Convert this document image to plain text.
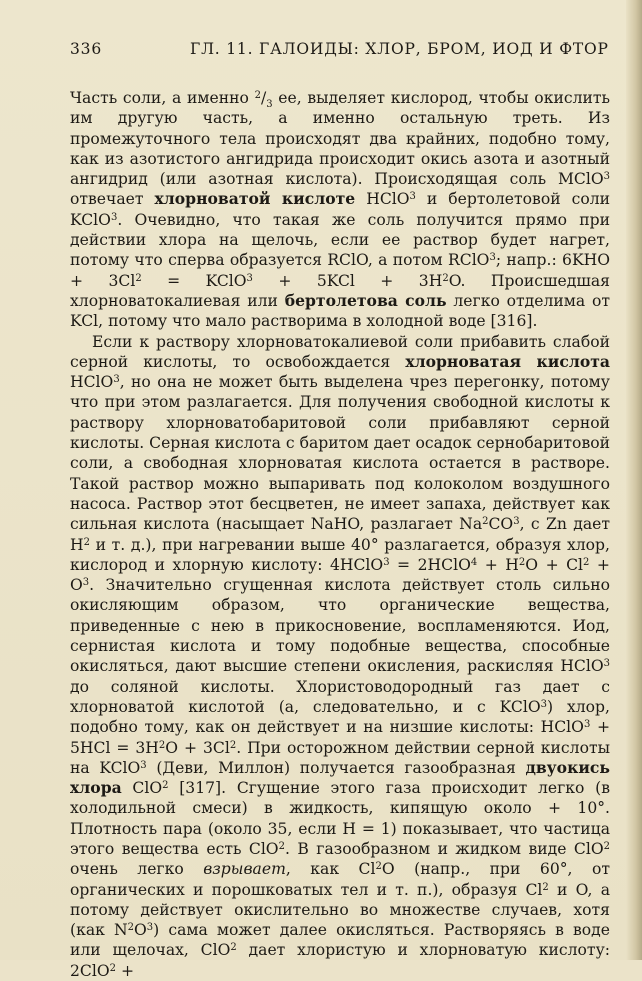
336	ГЛ. 11. ГАЛОИДЫ: ХЛОР, БРОМ, ИОД И ФТОР

Часть соли, а именно $^2/_3$ ее, выделяет кислород, чтобы окислить им другую часть, а именно остальную треть. Из промежуточного тела происходят два крайних, подобно тому, как из азотистого ангидрида происходит окись азота и азотный ангидрид (или азотная кислота). Происходящая соль MClO$^3$ отвечает хлорноватой кислоте HClO$^3$ и бертолетовой соли KClO$^3$. Очевидно, что такая же соль получится прямо при действии хлора на щелочь, если ее раствор будет нагрет, потому что сперва образуется RClO, а потом RClO$^3$; напр.: $6KHO + 3Cl^2$ = KClO$^3$ + $5KCl + 3H^2O$. Происшедшая хлорноватокалиевая или бертолетова соль легко отделима от KCl, потому что мало растворима в холодной воде [316].

Если к раствору хлорноватокалиевой соли прибавить слабой серной кислоты, то освобождается хлорноватая кислота HClO$^3$, но она не может быть выделена чрез перегонку, потому что при этом разлагается. Для получения свободной кислоты к раствору хлорноватобаритовой соли прибавляют серной кислоты. Серная кислота с баритом дает осадок сернобаритовой соли, а свободная хлорноватая кислота остается в растворе. Такой раствор можно выпаривать под колоколом воздушного насоса. Раствор этот бесцветен, не имеет запаха, действует как сильная кислота (насыщает NaHO, разлагает $Na^2CO^3$, с Zn дает $H^2$ и т. д.), при нагревании выше 40° разлагается, образуя хлор, кислород и хлорную кислоту: 4HClO$^3$ = 2HClO$^4$ + $H^2O + Cl^2 + O^3$. Значительно сгущенная кислота действует столь сильно окисляющим образом, что органические вещества, приведенные с нею в прикосновение, воспламеняются. Иод, сернистая кислота и тому подобные вещества, способные окисляться, дают высшие степени окисления, раскисляя HClO$^3$ до соляной кислоты. Хлористоводородный газ дает с хлорноватой кислотой (а, следовательно, и с KClO$^3$) хлор, подобно тому, как он действует и на низшие кислоты: HClO$^3$ + $5HCl = 3H^2O + 3Cl^2$. При осторожном действии серной кислоты на KClO$^3$ (Деви, Миллон) получается газообразная двуокись хлора ClO$^2$ [317]. Сгущение этого газа происходит легко (в холодильной смеси) в жидкость, кипящую около + 10°. Плотность пара (около 35, если H = 1) показывает, что частица этого вещества есть ClO$^2$. В газообразном и жидком виде ClO$^2$ очень легко взрывает, как Cl$^2$O (напр., при 60°, от органических и порошковатых тел и т. п.), образуя Cl$^2$ и O, а потому действует окислительно во множестве случаев, хотя (как $N^2O^3$) сама может далее окисляться. Растворяясь в воде или щелочах, ClO$^2$ дает хлористую и хлорноватую кислоту: 2ClO$^2$ +
